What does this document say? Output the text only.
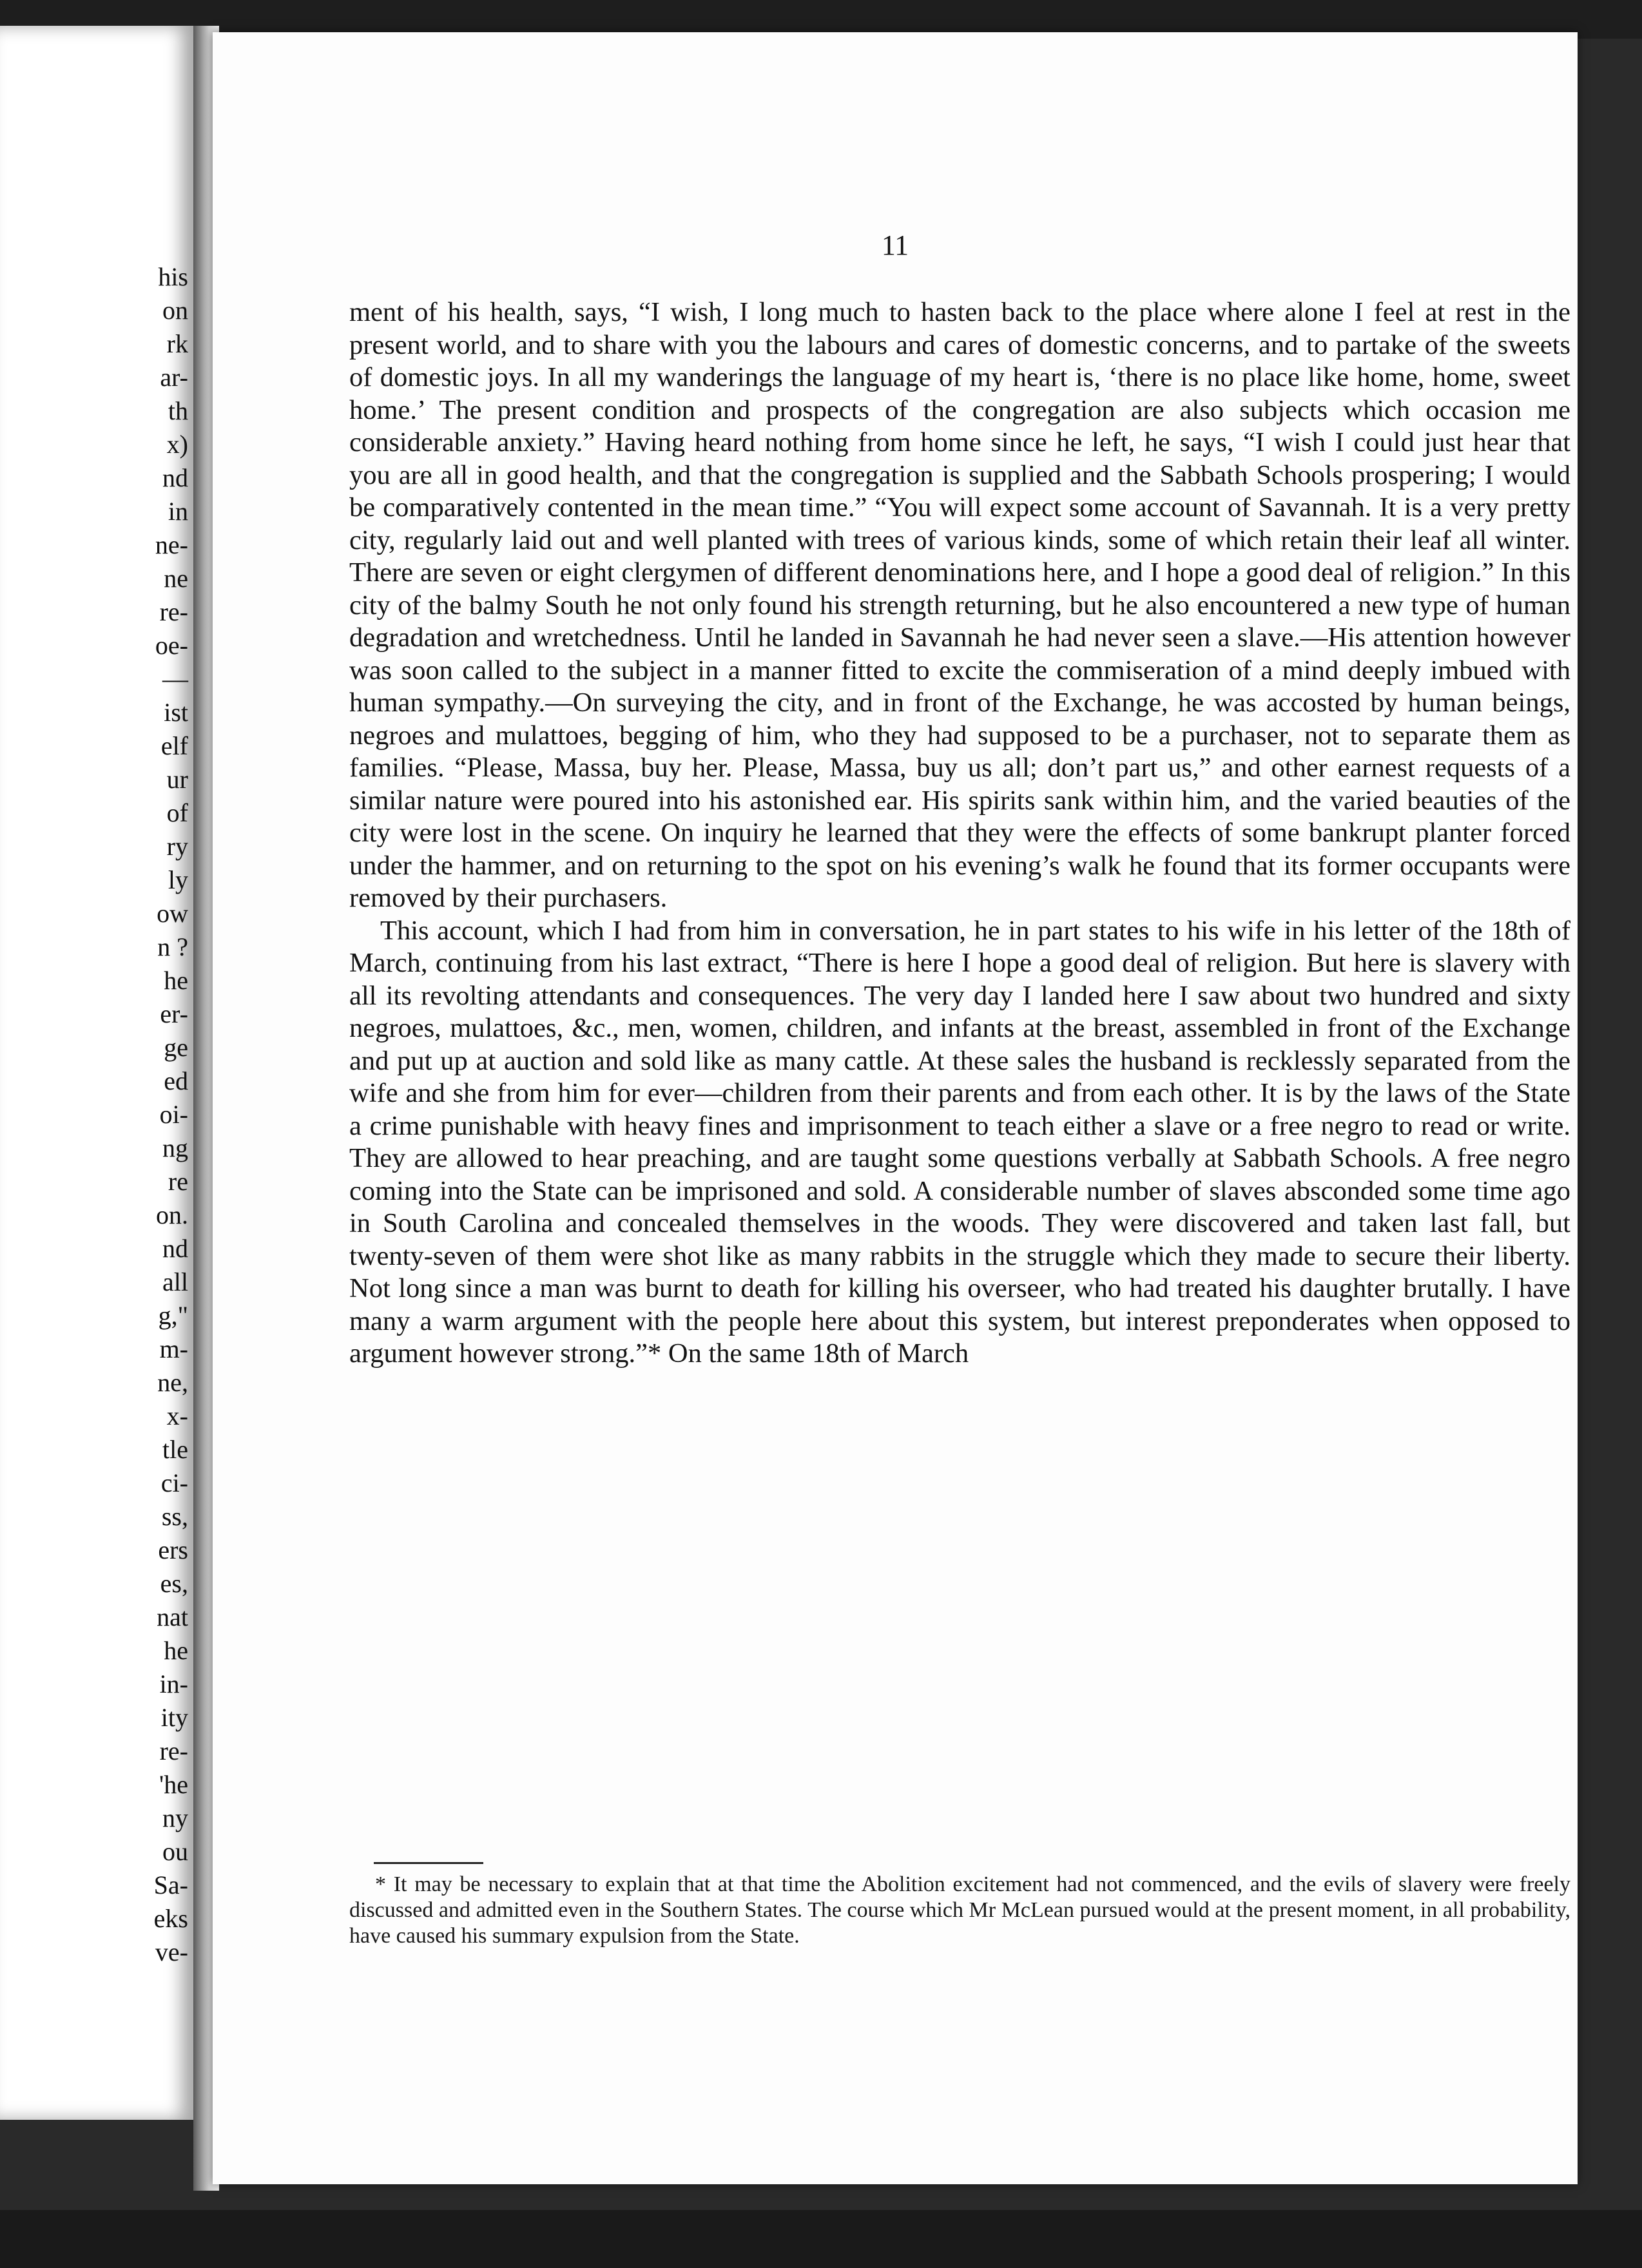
his
on
rk
ar-
th
x)
nd
in
ne-
ne
re-
oe-
—
ist
elf
ur
of
ry
ly
ow
n ?
he
er-
ge
ed
oi-
ng
re
on.
nd
all
g,"
m-
ne,
x-
tle
ci-
ss,
ers
es,
nat
he
in-
ity
re-
'he
ny
ou
Sa-
eks
ve-
11

ment of his health, says, “I wish, I long much to hasten back to the place where alone I feel at rest in the present world, and to share with you the labours and cares of domestic concerns, and to partake of the sweets of domestic joys. In all my wanderings the language of my heart is, ‘there is no place like home, home, sweet home.’ The present condition and prospects of the congregation are also subjects which occasion me considerable anxiety.” Having heard nothing from home since he left, he says, “I wish I could just hear that you are all in good health, and that the congregation is supplied and the Sabbath Schools prospering; I would be comparatively contented in the mean time.” “You will expect some account of Savannah. It is a very pretty city, regularly laid out and well planted with trees of various kinds, some of which retain their leaf all winter. There are seven or eight clergymen of different denominations here, and I hope a good deal of religion.” In this city of the balmy South he not only found his strength returning, but he also encountered a new type of human degradation and wretchedness. Until he landed in Savannah he had never seen a slave.—His attention however was soon called to the subject in a manner fitted to excite the commiseration of a mind deeply imbued with human sympathy.—On surveying the city, and in front of the Exchange, he was accosted by human beings, negroes and mulattoes, begging of him, who they had supposed to be a purchaser, not to separate them as families. “Please, Massa, buy her. Please, Massa, buy us all; don’t part us,” and other earnest requests of a similar nature were poured into his astonished ear. His spirits sank within him, and the varied beauties of the city were lost in the scene. On inquiry he learned that they were the effects of some bankrupt planter forced under the hammer, and on returning to the spot on his evening’s walk he found that its former occupants were removed by their purchasers.

This account, which I had from him in conversation, he in part states to his wife in his letter of the 18th of March, continuing from his last extract, “There is here I hope a good deal of religion. But here is slavery with all its revolting attendants and consequences. The very day I landed here I saw about two hundred and sixty negroes, mulattoes, &c., men, women, children, and infants at the breast, assembled in front of the Exchange and put up at auction and sold like as many cattle. At these sales the husband is recklessly separated from the wife and she from him for ever—children from their parents and from each other. It is by the laws of the State a crime punishable with heavy fines and imprisonment to teach either a slave or a free negro to read or write. They are allowed to hear preaching, and are taught some questions verbally at Sabbath Schools. A free negro coming into the State can be imprisoned and sold. A considerable number of slaves absconded some time ago in South Carolina and concealed themselves in the woods. They were discovered and taken last fall, but twenty-seven of them were shot like as many rabbits in the struggle which they made to secure their liberty. Not long since a man was burnt to death for killing his overseer, who had treated his daughter brutally. I have many a warm argument with the people here about this system, but interest preponderates when opposed to argument however strong.”* On the same 18th of March

* It may be necessary to explain that at that time the Abolition excitement had not commenced, and the evils of slavery were freely discussed and admitted even in the Southern States. The course which Mr McLean pursued would at the present moment, in all probability, have caused his summary expulsion from the State.
